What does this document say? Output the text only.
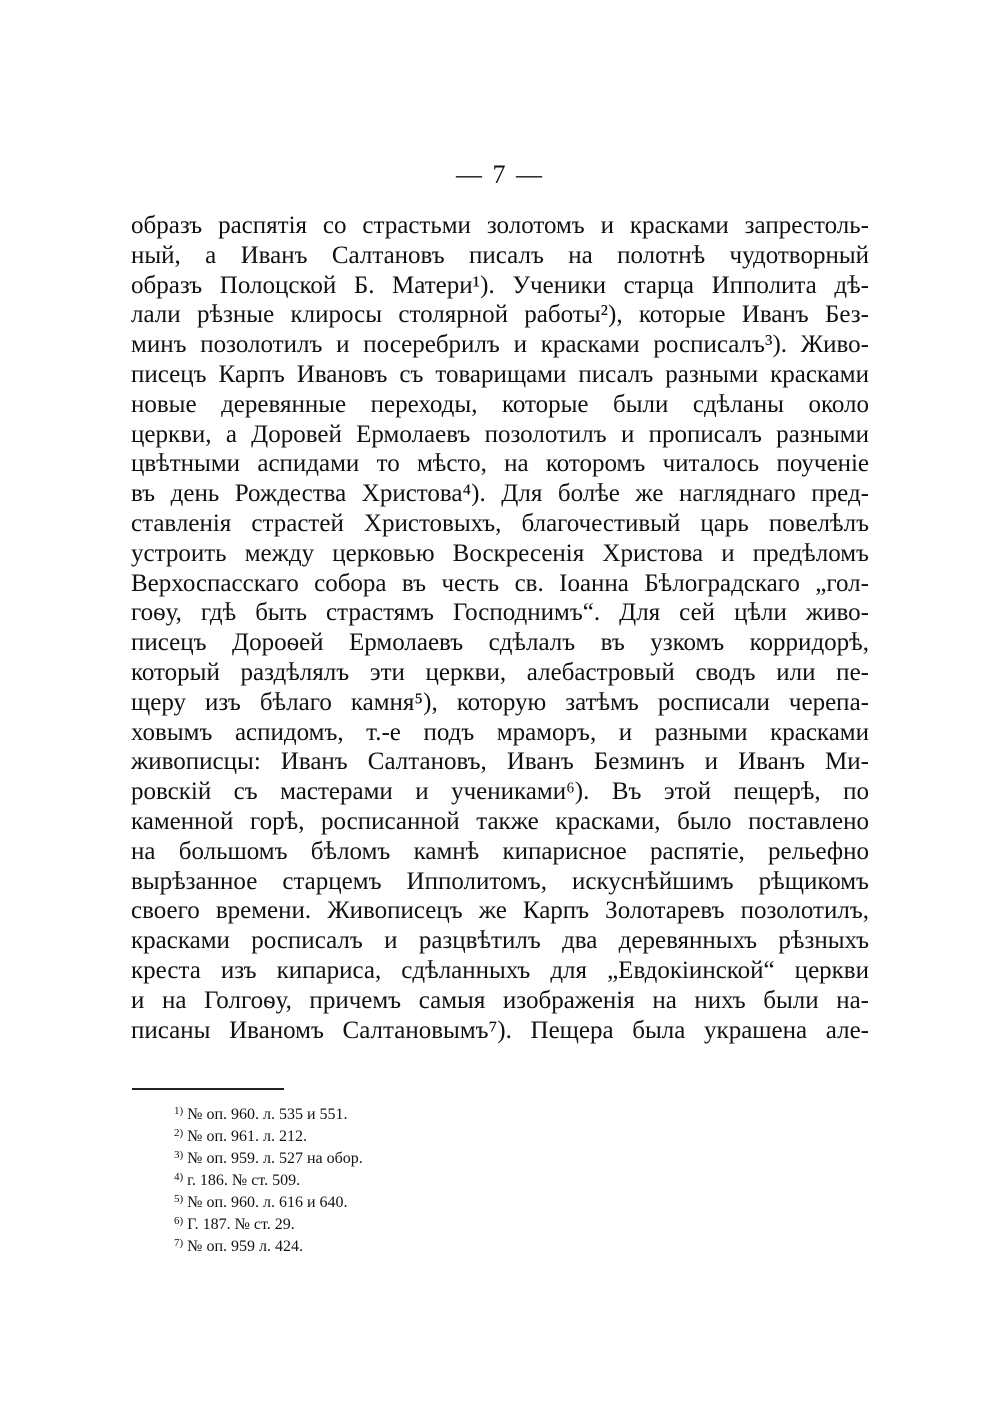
— 7 —
образъ распятія со страстьми золотомъ и красками запрестоль-
ный, а Иванъ Салтановъ писалъ на полотнѣ чудотворный
образъ Полоцской Б. Матери¹). Ученики старца Ипполита дѣ-
лали рѣзные клиросы столярной работы²), которые Иванъ Без-
минъ позолотилъ и посеребрилъ и красками росписалъ³). Живо-
писецъ Карпъ Ивановъ съ товарищами писалъ разными красками
новые деревянные переходы, которые были сдѣланы около
церкви, а Доровей Ермолаевъ позолотилъ и прописалъ разными
цвѣтными аспидами то мѣсто, на которомъ читалось поученіе
въ день Рождества Христова⁴). Для болѣе же нагляднаго пред-
ставленія страстей Христовыхъ, благочестивый царь повелѣлъ
устроить между церковью Воскресенія Христова и предѣломъ
Верхоспасскаго собора въ честь св. Іоанна Бѣлоградскаго „гол-
гоѳу, гдѣ быть страстямъ Господнимъ“. Для сей цѣли живо-
писецъ Дороѳей Ермолаевъ сдѣлалъ въ узкомъ корридорѣ,
который раздѣлялъ эти церкви, алебастровый сводъ или пе-
щеру изъ бѣлаго камня⁵), которую затѣмъ росписали черепа-
ховымъ аспидомъ, т.-е подъ мраморъ, и разными красками
живописцы: Иванъ Салтановъ, Иванъ Безминъ и Иванъ Ми-
ровскій съ мастерами и учениками⁶). Въ этой пещерѣ, по
каменной горѣ, росписанной также красками, было поставлено
на большомъ бѣломъ камнѣ кипарисное распятіе, рельефно
вырѣзанное старцемъ Ипполитомъ, искуснѣйшимъ рѣщикомъ
своего времени. Живописецъ же Карпъ Золотаревъ позолотилъ,
красками росписалъ и разцвѣтилъ два деревянныхъ рѣзныхъ
креста изъ кипариса, сдѣланныхъ для „Евдокіинской“ церкви
и на Голгоѳу, причемъ самыя изображенія на нихъ были на-
писаны Иваномъ Салтановымъ⁷). Пещера была украшена але-
$^{1)}$ № оп. 960. л. 535 и 551.
$^{2)}$ № оп. 961. л. 212.
$^{3)}$ № оп. 959. л. 527 на обор.
$^{4)}$ г. 186. № ст. 509.
$^{5)}$ № оп. 960. л. 616 и 640.
$^{6)}$ Г. 187. № ст. 29.
$^{7)}$ № оп. 959 л. 424.
